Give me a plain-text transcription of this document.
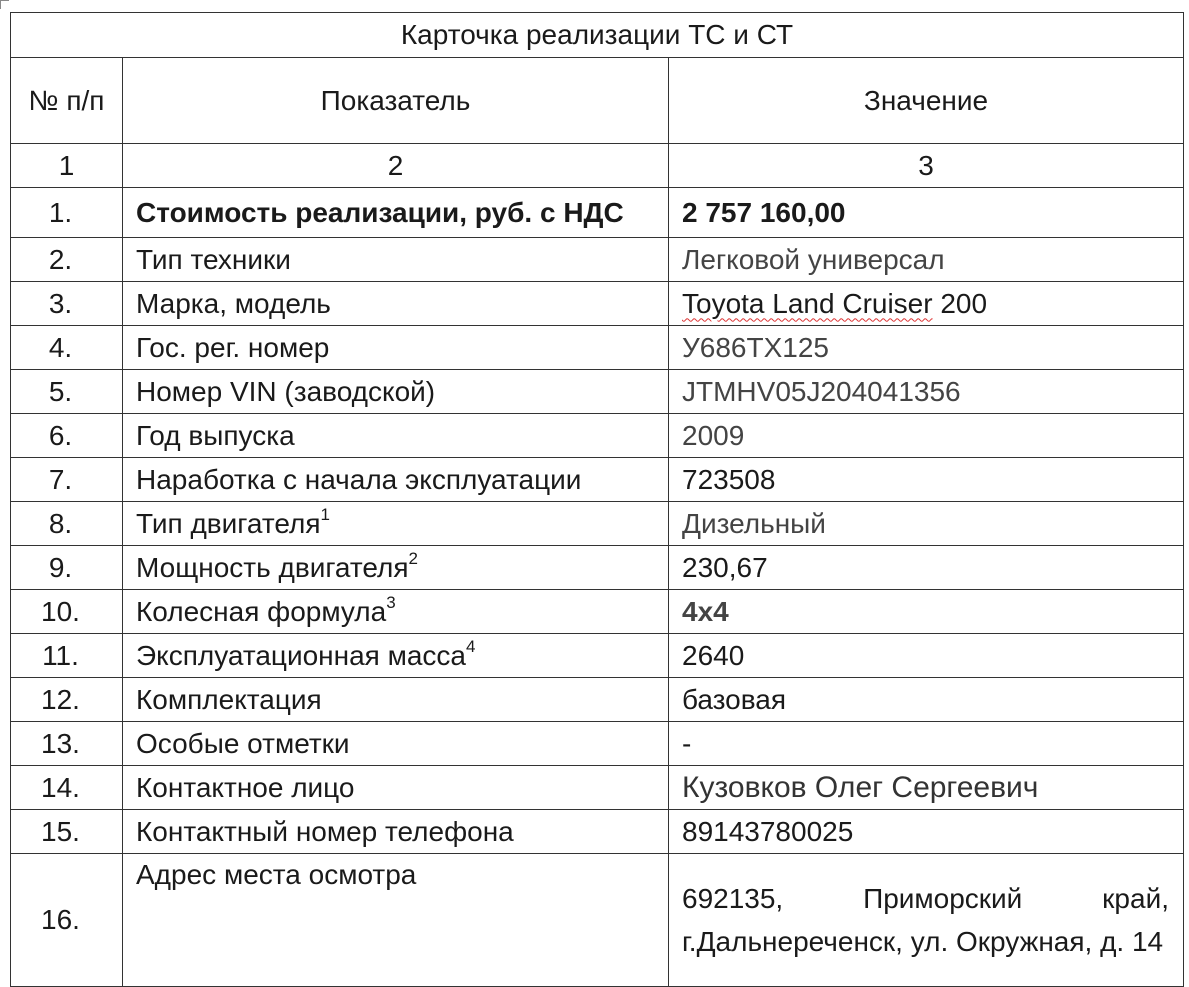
Карточка реализации ТС и СТ		
№ п/п	Показатель	Значение
1	2	3
1.	Стоимость реализации, руб. с НДС	2 757 160,00
2.	Тип техники	Легковой универсал
3.	Марка, модель	Toyota Land Cruiser 200
4.	Гос. рег. номер	У686ТХ125
5.	Номер VIN (заводской)	JTMHV05J204041356
6.	Год выпуска	2009
7.	Наработка с начала эксплуатации	723508
8.	Тип двигателя$^1$	Дизельный
9.	Мощность двигателя$^2$	230,67
10.	Колесная формула$^3$	4x4
11.	Эксплуатационная масса$^4$	2640
12.	Комплектация	базовая
13.	Особые отметки	-
14.	Контактное лицо	Кузовков Олег Сергеевич
15.	Контактный номер телефона	89143780025
16.	Адрес места осмотра	692135, Приморский край, г.Дальнереченск, ул. Окружная, д. 14
